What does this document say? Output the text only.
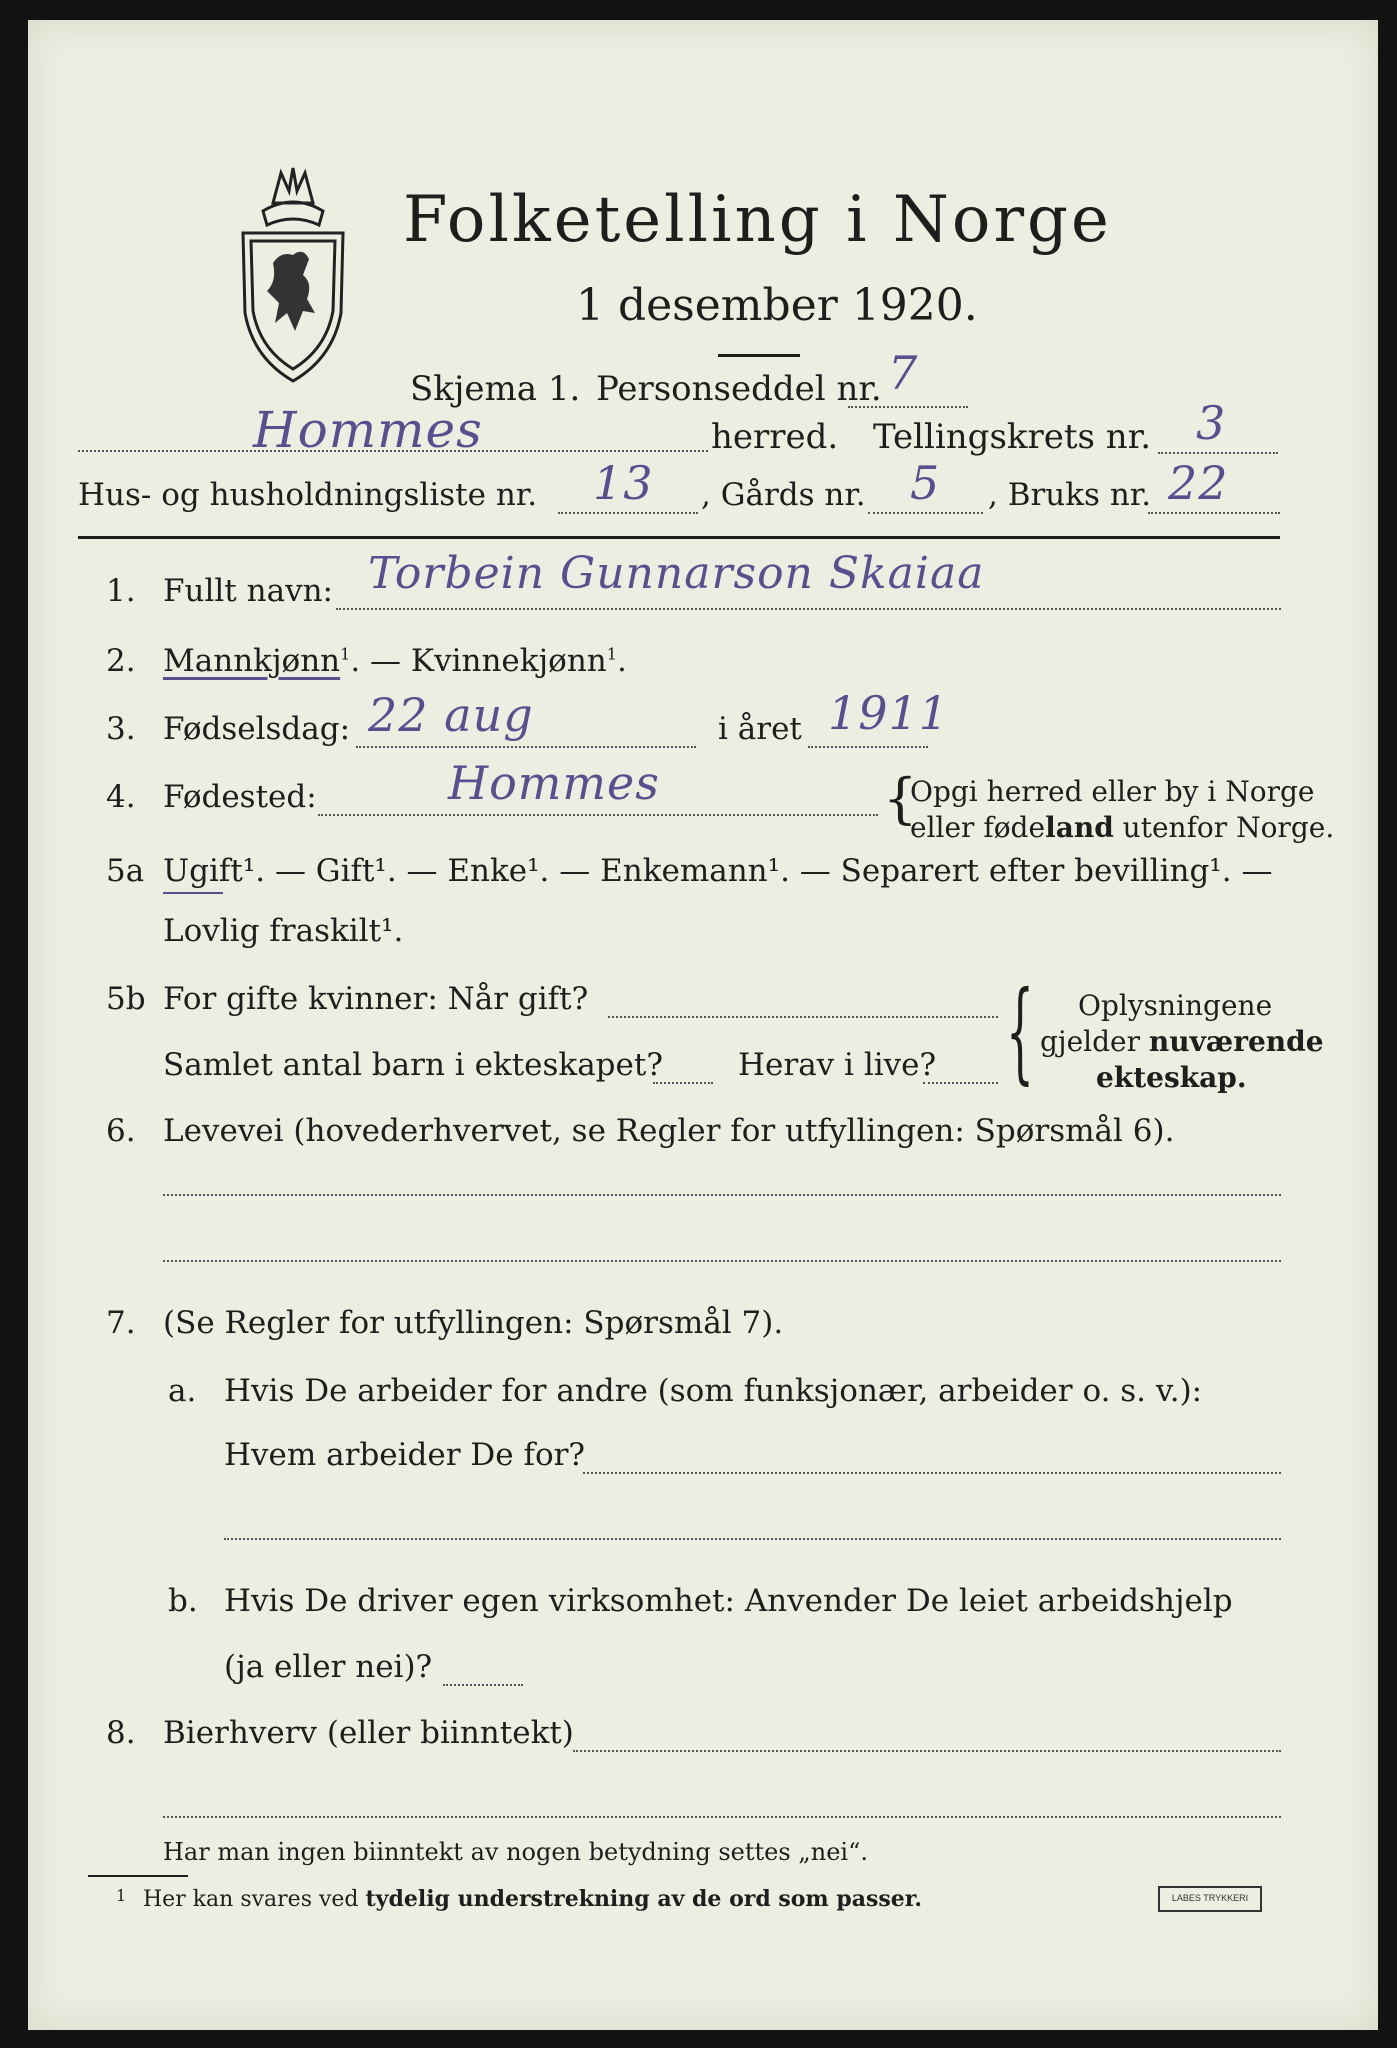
Folketelling i Norge
1 desember 1920.
Skjema 1. Personseddel nr. 7
Hommes	herred. Tellingskrets nr. 3
Hus- og husholdningsliste nr. 13 , Gårds nr. 5 , Bruks nr. 22
1. Fullt navn: Torbein Gunnarson Skaiaa
2. Mannkjønn$^1$. — Kvinnekjønn$^1$.
3. Fødselsdag: 22 aug	i året 1911
4. Fødested:	Hommes	{
Opgi herred eller by i Norge
eller fødeland utenfor Norge.
5a Ugift¹. — Gift¹. — Enke¹. — Enkemann¹. — Separert efter bevilling¹. —
Lovlig fraskilt¹.
5b For gifte kvinner: Når gift?
Samlet antal barn i ekteskapet? Herav i live? { Oplysningene
gjelder nuværende
ekteskap.
6. Levevei (hovederhvervet, se Regler for utfyllingen: Spørsmål 6).
7. (Se Regler for utfyllingen: Spørsmål 7).
a. Hvis De arbeider for andre (som funksjonær, arbeider o. s. v.):
Hvem arbeider De for?
b. Hvis De driver egen virksomhet: Anvender De leiet arbeidshjelp
(ja eller nei)?
8. Bierhverv (eller biinntekt)
Har man ingen biinntekt av nogen betydning settes „nei“.
1 Her kan svares ved tydelig understrekning av de ord som passer.	LABES TRYKKERI
